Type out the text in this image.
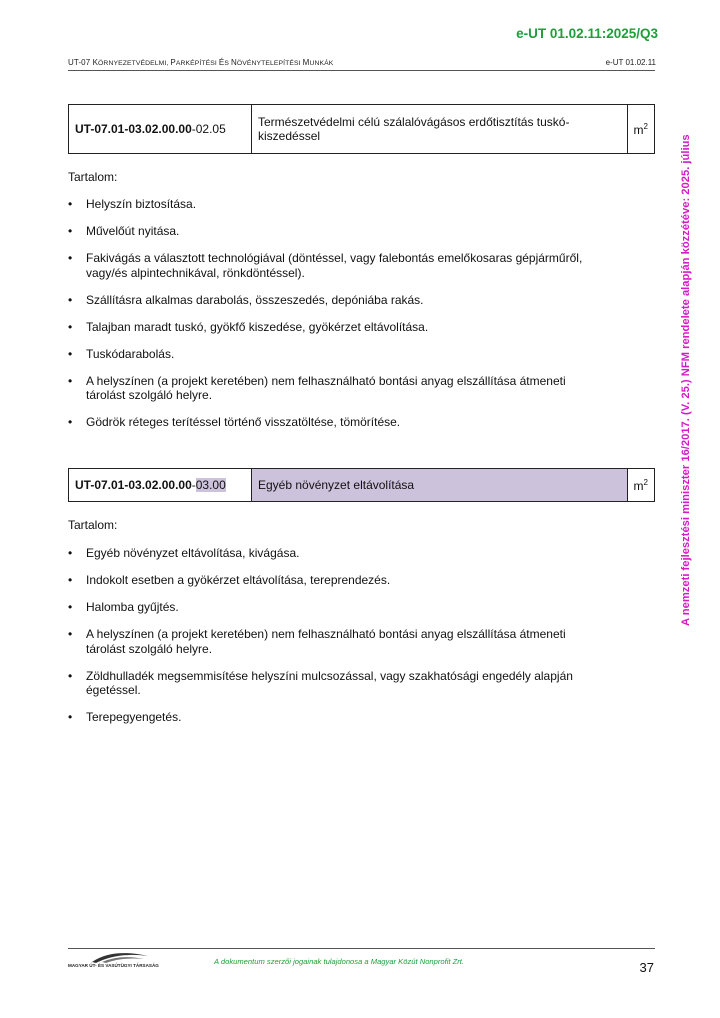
e-UT 01.02.11:2025/Q3
UT-07 KÖRNYEZETVÉDELMI, PARKÉPÍTÉSI ÉS NÖVÉNYTELEPÍTÉSI MUNKÁK	e-UT 01.02.11
A nemzeti fejlesztési miniszter 16/2017. (V. 25.) NFM rendelete alapján közzétéve: 2025. július
UT-07.01-03.02.00.00-02.05	Természetvédelmi célú szálalóvágásos erdőtisztítás tuskó-kiszedéssel	$m^2$
Tartalom:
• Helyszín biztosítása.
• Művelőút nyitása.
• Fakivágás a választott technológiával (döntéssel, vagy falebontás emelőkosaras gépjárműről,
vagy/és alpintechnikával, rönkdöntéssel).
• Szállításra alkalmas darabolás, összeszedés, depóniába rakás.
• Talajban maradt tuskó, gyökfő kiszedése, gyökérzet eltávolítása.
• Tuskódarabolás.
• A helyszínen (a projekt keretében) nem felhasználható bontási anyag elszállítása átmeneti
tárolást szolgáló helyre.
• Gödrök réteges terítéssel történő visszatöltése, tömörítése.
UT-07.01-03.02.00.00-03.00	Egyéb növényzet eltávolítása	$m^2$
Tartalom:
• Egyéb növényzet eltávolítása, kivágása.
• Indokolt esetben a gyökérzet eltávolítása, tereprendezés.
• Halomba gyűjtés.
• A helyszínen (a projekt keretében) nem felhasználható bontási anyag elszállítása átmeneti
tárolást szolgáló helyre.
• Zöldhulladék megsemmisítése helyszíni mulcsozással, vagy szakhatósági engedély alapján
égetéssel.
• Terepegyengetés.
MAGYAR ÚT- ÉS VASÚTÜGYI TÁRSASÁG	A dokumentum szerzői jogainak tulajdonosa a Magyar Közút Nonprofit Zrt.	37
